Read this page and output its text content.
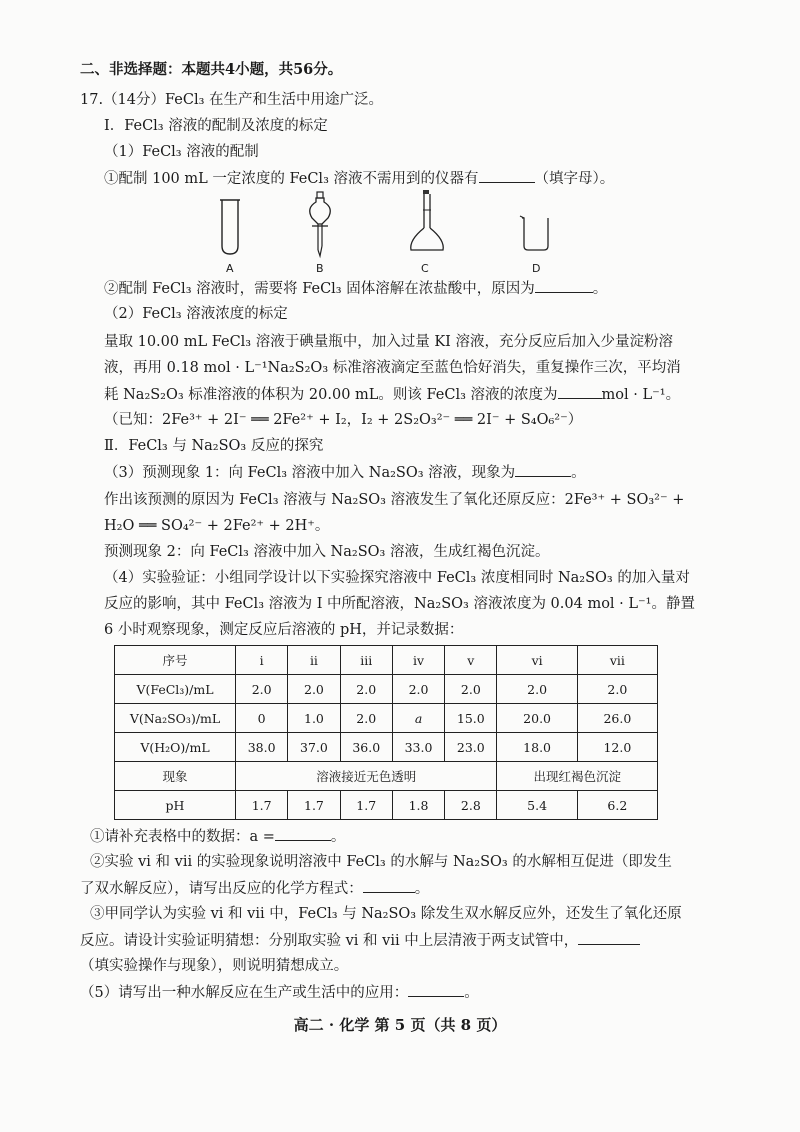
二、非选择题：本题共4小题，共56分。
17.（14分）FeCl₃ 在生产和生活中用途广泛。
Ⅰ．FeCl₃ 溶液的配制及浓度的标定
（1）FeCl₃ 溶液的配制
①配制 100 mL 一定浓度的 FeCl₃ 溶液不需用到的仪器有	（填字母）。
A	B	C	D
②配制 FeCl₃ 溶液时，需要将 FeCl₃ 固体溶解在浓盐酸中，原因为	。
（2）FeCl₃ 溶液浓度的标定
量取 10.00 mL FeCl₃ 溶液于碘量瓶中，加入过量 KI 溶液，充分反应后加入少量淀粉溶
液，再用 0.18 mol · L⁻¹Na₂S₂O₃ 标准溶液滴定至蓝色恰好消失，重复操作三次，平均消
耗 Na₂S₂O₃ 标准溶液的体积为 20.00 mL。则该 FeCl₃ 溶液的浓度为	mol · L⁻¹。
（已知：2Fe³⁺ + 2I⁻ ══ 2Fe²⁺ + I₂，I₂ + 2S₂O₃²⁻ ══ 2I⁻ + S₄O₆²⁻）
Ⅱ．FeCl₃ 与 Na₂SO₃ 反应的探究
（3）预测现象 1：向 FeCl₃ 溶液中加入 Na₂SO₃ 溶液，现象为	。
作出该预测的原因为 FeCl₃ 溶液与 Na₂SO₃ 溶液发生了氧化还原反应：2Fe³⁺ + SO₃²⁻ +
H₂O ══ SO₄²⁻ + 2Fe²⁺ + 2H⁺。
预测现象 2：向 FeCl₃ 溶液中加入 Na₂SO₃ 溶液，生成红褐色沉淀。
（4）实验验证：小组同学设计以下实验探究溶液中 FeCl₃ 浓度相同时 Na₂SO₃ 的加入量对
反应的影响，其中 FeCl₃ 溶液为 Ⅰ 中所配溶液，Na₂SO₃ 溶液浓度为 0.04 mol · L⁻¹。静置
6 小时观察现象，测定反应后溶液的 pH，并记录数据：
序号	i	ii	iii	iv	v	vi	vii
V(FeCl₃)/mL	2.0	2.0	2.0	2.0	2.0	2.0	2.0
V(Na₂SO₃)/mL	0	1.0	2.0	a	15.0	20.0	26.0
V(H₂O)/mL	38.0	37.0	36.0	33.0	23.0	18.0	12.0
现象	溶液接近无色透明					出现红褐色沉淀	
pH	1.7	1.7	1.7	1.8	2.8	5.4	6.2
①请补充表格中的数据：a =	。
②实验 vi 和 vii 的实验现象说明溶液中 FeCl₃ 的水解与 Na₂SO₃ 的水解相互促进（即发生
了双水解反应），请写出反应的化学方程式：	。
③甲同学认为实验 vi 和 vii 中，FeCl₃ 与 Na₂SO₃ 除发生双水解反应外，还发生了氧化还原
反应。请设计实验证明猜想：分别取实验 vi 和 vii 中上层清液于两支试管中，
（填实验操作与现象），则说明猜想成立。
（5）请写出一种水解反应在生产或生活中的应用：	。
高二 · 化学 第 5 页（共 8 页）
